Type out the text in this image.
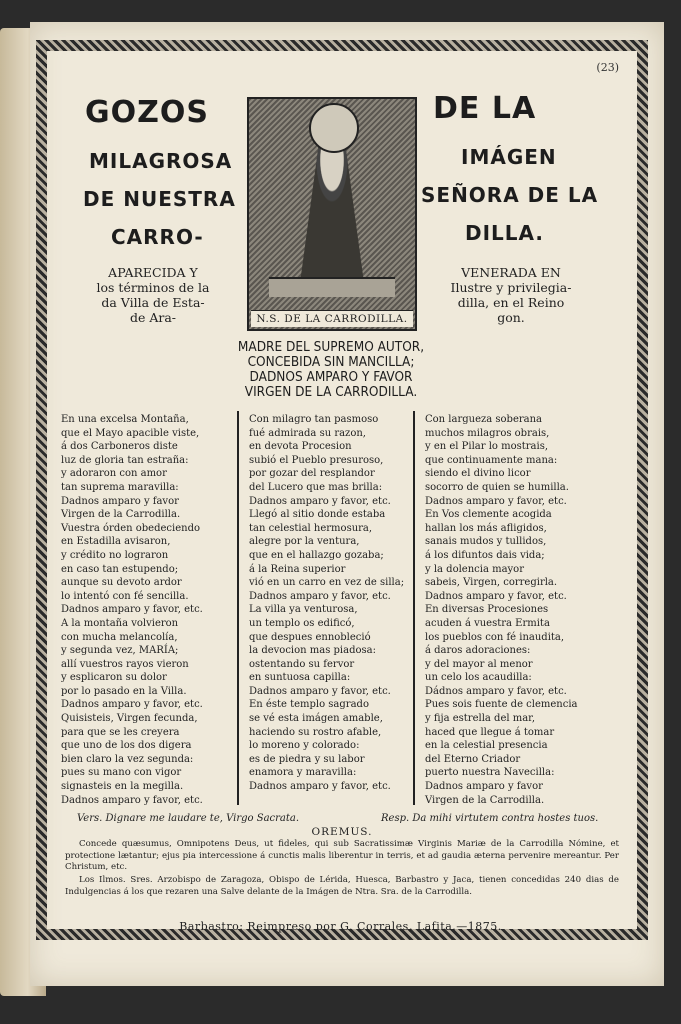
(23)
GOZOS	DE LA
MILAGROSA	IMÁGEN
DE NUESTRA	SEÑORA DE LA
CARRO-	DILLA.
APARECIDA Y
los términos de la
da Villa de Esta-
de Ara-
VENERADA EN
Ilustre y privilegia-
dilla, en el Reino
gon.
N.S. DE LA CARRODILLA.
MADRE DEL SUPREMO AUTOR,
CONCEBIDA SIN MANCILLA;
DADNOS AMPARO Y FAVOR
VIRGEN DE LA CARRODILLA.
En una excelsa Montaña,
que el Mayo apacible viste,
á dos Carboneros diste
luz de gloria tan estraña:
y adoraron con amor
tan suprema maravilla:
Dadnos amparo y favor
Virgen de la Carrodilla.
Vuestra órden obedeciendo
en Estadilla avisaron,
y crédito no lograron
en caso tan estupendo;
aunque su devoto ardor
lo intentó con fé sencilla.
Dadnos amparo y favor, etc.
A la montaña volvieron
con mucha melancolía,
y segunda vez, MARÍA;
allí vuestros rayos vieron
y esplicaron su dolor
por lo pasado en la Villa.
Dadnos amparo y favor, etc.
Quisisteis, Virgen fecunda,
para que se les creyera
que uno de los dos digera
bien claro la vez segunda:
pues su mano con vigor
signasteis en la megilla.
Dadnos amparo y favor, etc.
Con milagro tan pasmoso
fué admirada su razon,
en devota Procesion
subió el Pueblo presuroso,
por gozar del resplandor
del Lucero que mas brilla:
Dadnos amparo y favor, etc.
Llegó al sitio donde estaba
tan celestial hermosura,
alegre por la ventura,
que en el hallazgo gozaba;
á la Reina superior
vió en un carro en vez de silla;
Dadnos amparo y favor, etc.
La villa ya venturosa,
un templo os edificó,
que despues ennobleció
la devocion mas piadosa:
ostentando su fervor
en suntuosa capilla:
Dadnos amparo y favor, etc.
En éste templo sagrado
se vé esta imágen amable,
haciendo su rostro afable,
lo moreno y colorado:
es de piedra y su labor
enamora y maravilla:
Dadnos amparo y favor, etc.
Con largueza soberana
muchos milagros obrais,
y en el Pilar lo mostrais,
que continuamente mana:
siendo el divino licor
socorro de quien se humilla.
Dadnos amparo y favor, etc.
En Vos clemente acogida
hallan los más afligidos,
sanais mudos y tullidos,
á los difuntos dais vida;
y la dolencia mayor
sabeis, Virgen, corregirla.
Dadnos amparo y favor, etc.
En diversas Procesiones
acuden á vuestra Ermita
los pueblos con fé inaudita,
á daros adoraciones:
y del mayor al menor
un celo los acaudilla:
Dádnos amparo y favor, etc.
Pues sois fuente de clemencia
y fija estrella del mar,
haced que llegue á tomar
en la celestial presencia
del Eterno Criador
puerto nuestra Navecilla:
Dadnos amparo y favor
Virgen de la Carrodilla.
Vers. Dignare me laudare te, Virgo Sacrata.	Resp. Da mihi virtutem contra hostes tuos.
OREMUS.
Concede quæsumus, Omnipotens Deus, ut fideles, qui sub Sacratissimæ Virginis Mariæ de la Carrodilla Nómine, et protectione lætantur; ejus pia intercessione á cunctis malis liberentur in terris, et ad gaudia æterna pervenire mereantur. Per Christum, etc.
Los Ilmos. Sres. Arzobispo de Zaragoza, Obispo de Lérida, Huesca, Barbastro y Jaca, tienen concedidas 240 dias de Indulgencias á los que rezaren una Salve delante de la Imágen de Ntra. Sra. de la Carrodilla.
Barbastro: Reimpreso por G. Corrales, Lafita.—1875.
